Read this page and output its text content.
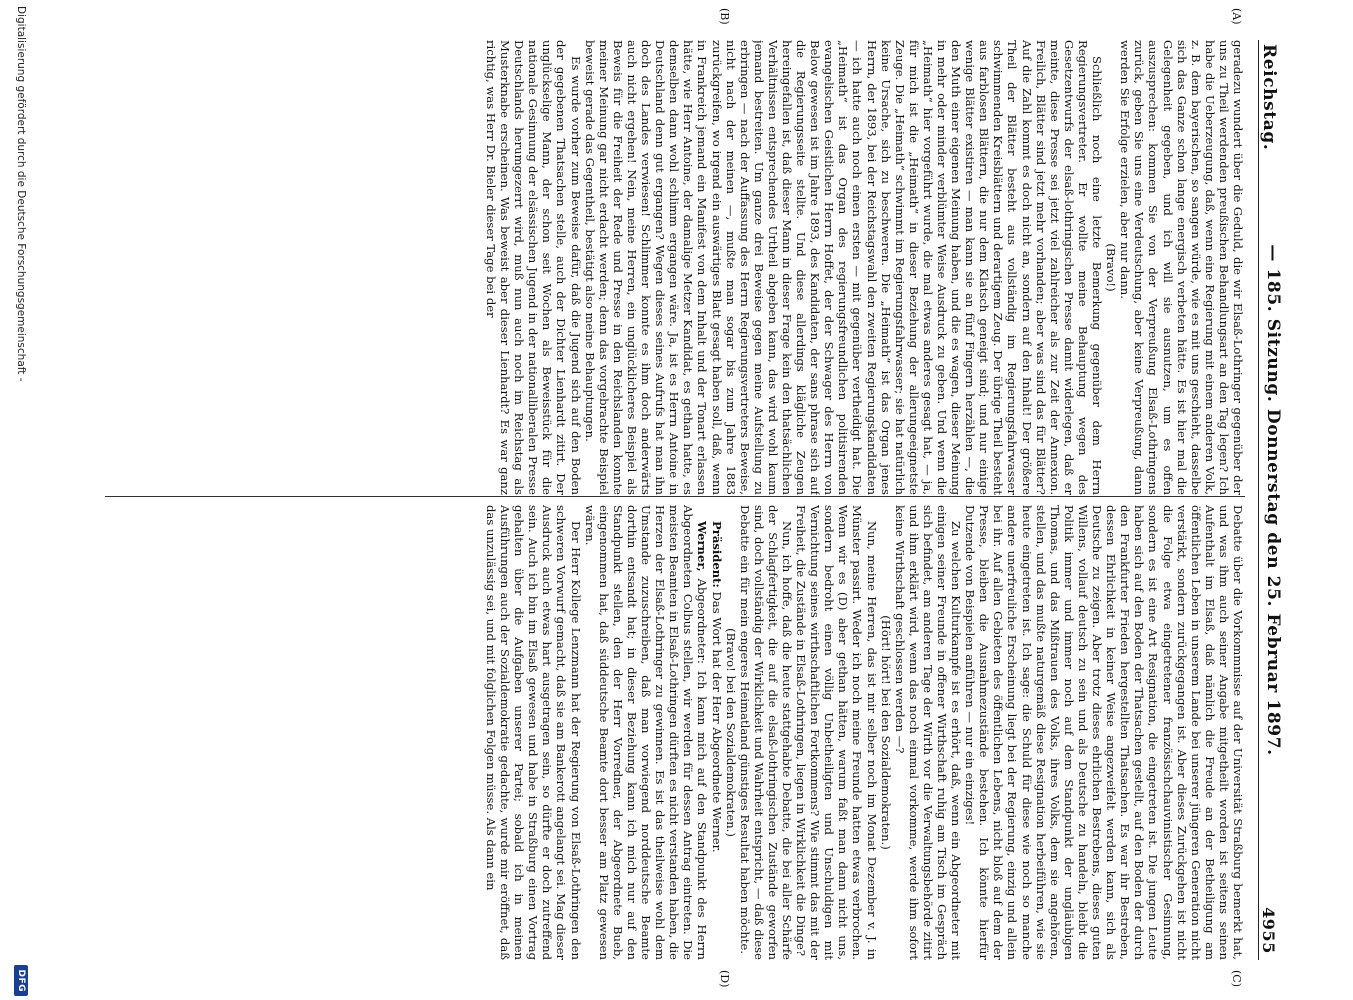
Reichstag.
— 185. Sitzung. Donnerstag den 25. Februar 1897.
4955
(A)
(B)
(C)
(D)

geradezu wundert über die Geduld, die wir Elsaß-Lothringer gegenüber der uns zu Theil werdenden preußischen Behandlungsart an den Tag legen? Ich habe die Ueberzeugung, daß, wenn eine Regierung mit einem anderen Volk, z. B. dem bayerischen, so sangen würde, wie es mit uns geschieht, dasselbe sich das Ganze schon lange energisch verbeten hätte. Es ist hier mal die Gelegenheit gegeben, und ich will sie ausnutzen, um es offen auszusprechen: kommen Sie von der Verpreußung Elsaß-Lothringens zurück, geben Sie uns eine Verdeutschung, aber keine Verpreußung, dann werden Sie Erfolge erzielen, aber nur dann.

(Bravo!)

Schließlich noch eine letzte Bemerkung gegenüber dem Herrn Regierungsvertreter. Er wollte meine Behauptung wegen des Gesetzentwurfs der elsaß-lothringischen Presse damit widerlegen, daß er meinte, diese Presse sei jetzt viel zahlreicher als zur Zeit der Annexion. Freilich, Blätter sind jetzt mehr vorhanden; aber was sind das für Blätter? Auf die Zahl kommt es doch nicht an, sondern auf den Inhalt! Der größere Theil der Blätter besteht aus vollständig im Regierungsfahrwasser schwimmenden Kreisblättern und derartigem Zeug. Der übrige Theil besteht aus farblosen Blättern, die nur dem Klatsch geneigt sind; und nur einige wenige Blätter existiren — man kann sie an fünf Fingern herzählen —, die den Muth einer eigenen Meinung haben, und die es wagen, dieser Meinung in mehr oder minder verblümter Weise Ausdruck zu geben. Und wenn die „Heimath“ hier vorgeführt wurde, die mal etwas anderes gesagt hat, — ja, für mich ist die „Heimath“ in dieser Beziehung der allerungeeignetste Zeuge. Die „Heimath“ schwimmt im Regierungsfahrwasser; sie hat natürlich keine Ursache, sich zu beschweren. Die „Heimath“ ist das Organ jenes Herrn, der 1893, bei der Reichstagswahl den zweiten Regierungskandidaten — ich hatte auch noch einen ersten — mit gegenüber vertheidigt hat. Die „Heimath“ ist das Organ des regierungsfreundlichen politisirenden evangelischen Geistlichen Herrn Hoffet, der der Schwager des Herrn von Below gewesen ist im Jahre 1893, des Kandidaten, der sans phrase sich auf die Regierungsseite stellte. Und diese allerdings klägliche Zeugen hereingefallen ist, daß dieser Mann in dieser Frage kein den thatsächlichen Verhältnissen entsprechendes Urtheil abgeben kann, das wird wohl kaum jemand bestreiten. Um ganze drei Beweise gegen meine Aufstellung zu erbringen — nach der Auffassung des Herrn Regierungsvertreters Beweise, nicht nach der meinen —, mußte man sogar bis zum Jahre 1883 zurückgreifen, wo irgend ein auswärtiges Blatt gesagt haben soll, daß, wenn in Frankreich jemand ein Manifest von dem Inhalt und der Tonart erlassen hätte, wie Herr Antoine, der damalige Metzer Kandidat, es gethan hatte, es demselben dann wohl schlimm ergangen wäre. Ja, ist es Herrn Antoine in Deutschland denn gut ergangen? Wegen dieses seines Aufrufs hat man ihn doch des Landes verwiesen! Schlimmer konnte es ihm doch anderwärts auch nicht ergehen! Nein, meine Herren, ein unglücklicheres Beispiel als Beweis für die Freiheit der Rede und Presse in den Reichslanden konnte meiner Meinung gar nicht erdacht werden; denn das vorgebrachte Beispiel beweist gerade das Gegentheil, bestätigt also meine Behauptungen.

Es wurde vorher zum Beweise dafür, daß die Jugend sich auf den Boden der gegebenen Thatsachen stelle, auch der Dichter Lienhardt zitirt. Der unglückselige Mann, der schon seit Wochen als Beweisstück für die nationale Gesinnung der elsässischen Jugend in der nationalliberalen Presse Deutschlands herumgezerrt wird, muß nun auch noch im Reichstag als Musterknabe erscheinen. Was beweist aber dieser Lienhardt? Es war ganz richtig, was Herr Dr. Bieler dieser Tage bei der

Debatte über die Vorkommnisse auf der Universität Straßburg bemerkt hat, und was ihm auch seiner Angabe mitgetheilt worden ist seitens seinen Aufenthalt im Elsaß, daß nämlich die Freude an der Betheiligung am öffentlichen Leben in unserem Lande bei unserer jüngeren Generation nicht verstärkt, sondern zurückgegangen ist. Aber dieses Zurückgehen ist nicht die Folge etwa eingetretener französischchauvinistischer Gesinnung, sondern es ist eine Art Resignation, die eingetreten ist. Die jungen Leute haben sich auf den Boden der Thatsachen gestellt, auf den Boden der durch den Frankfurter Frieden hergestellten Thatsachen. Es war ihr Bestreben, dessen Ehrlichkeit in keiner Weise angezweifelt werden kann, sich als Deutsche zu zeigen. Aber trotz dieses ehrlichen Bestrebens, dieses guten Willens, vollauf deutsch zu sein und als Deutsche zu handeln, bleibt die Politik immer und immer noch auf dem Standpunkt der ungläubigen Thomas, und das Mißtrauen des Volks, ihres Volks, dem sie angehören, stellen, und das mußte naturgemäß diese Resignation herbeiführen, wie sie heute eingetreten ist. Ich sage: die Schuld für diese wie noch so manche andere unerfreuliche Erscheinung liegt bei der Regierung, einzig und allein bei ihr. Auf allen Gebieten des öffentlichen Lebens, nicht bloß auf dem der Presse, bleiben die Ausnahmezustände bestehen. Ich könnte hierfür Dutzende von Beispielen anführen — nur ein einziges!

Zu welchen Kulturkampfe ist es erhört, daß, wenn ein Abgeordneter mit einigen seiner Freunde in offener Wirthschaft ruhig am Tisch im Gespräch sich befindet, am anderen Tage der Wirth vor die Verwaltungsbehörde zitirt und ihm erklärt wird, wenn das noch einmal vorkomme, werde ihm sofort keine Wirthschaft geschlossen werden —?

(Hört! hört! bei den Sozialdemokraten.)

Nun, meine Herren, das ist mir selber noch im Monat Dezember v. J. in Münster passirt. Weder ich noch meine Freunde hatten etwas verbrochen. Wenn wir es (D) aber gethan hätten, warum faßt man dann nicht uns, sondern bedroht einen völlig Unbetheiligten und Unschuldigen mit Vernichtung seines wirthschaftlichen Fortkommens? Wie stimmt das mit der Freiheit, die Zustände in Elsaß-Lothringen, liegen in Wirklichkeit die Dinge?

Nun, ich hoffe, daß die heute stattgehabte Debatte, die bei aller Schärfe der Schlagfertigkeit, die auf die elsaß-lothringischen Zustände geworfen sind, doch vollständig der Wirklichkeit und Wahrheit entspricht, — daß diese Debatte ein für mein engeres Heimatland günstiges Resultat haben möchte.

(Bravo! bei den Sozialdemokraten.)

Präsident: Das Wort hat der Herr Abgeordnete Werner.

Werner, Abgeordneter: Ich kann mich auf den Standpunkt des Herrn Abgeordneten Colbus stellen, wir werden für dessen Antrag eintreten. Die meisten Beamten in Elsaß-Lothringen dürften es nicht verstanden haben, die Herzen der Elsaß-Lothringer zu gewinnen. Es ist das theilweise wohl dem Umstande zuzuschreiben, daß man vorwiegend norddeutsche Beamte dorthin entsandt hat; in dieser Beziehung kann ich mich nur auf den Standpunkt stellen, den der Herr Vorredner, der Abgeordnete Bueb, eingenommen hat, daß süddeutsche Beamte dort besser am Platz gewesen wären.

Der Herr Kollege Lenzmann hat der Regierung von Elsaß-Lothringen den schweren Vorwurf gemacht, daß sie am Bankerott angelangt sei. Mag dieser Ausdruck auch etwas hart ausgetragen sein, so dürfte er doch zutreffend sein. Auch ich bin im Elsaß gewesen und habe in Straßburg einen Vortrag gehalten über die Aufgaben unserer Partei; sobald ich in meinen Ausführungen auch der Sozialdemokratie gedachte, wurde mir eröffnet, daß das unzulässig sei, und mit folglichen Folgen müsse. Als dann ein

Digitalisierung gefördert durch die Deutsche Forschungsgemeinschaft -
DFG
